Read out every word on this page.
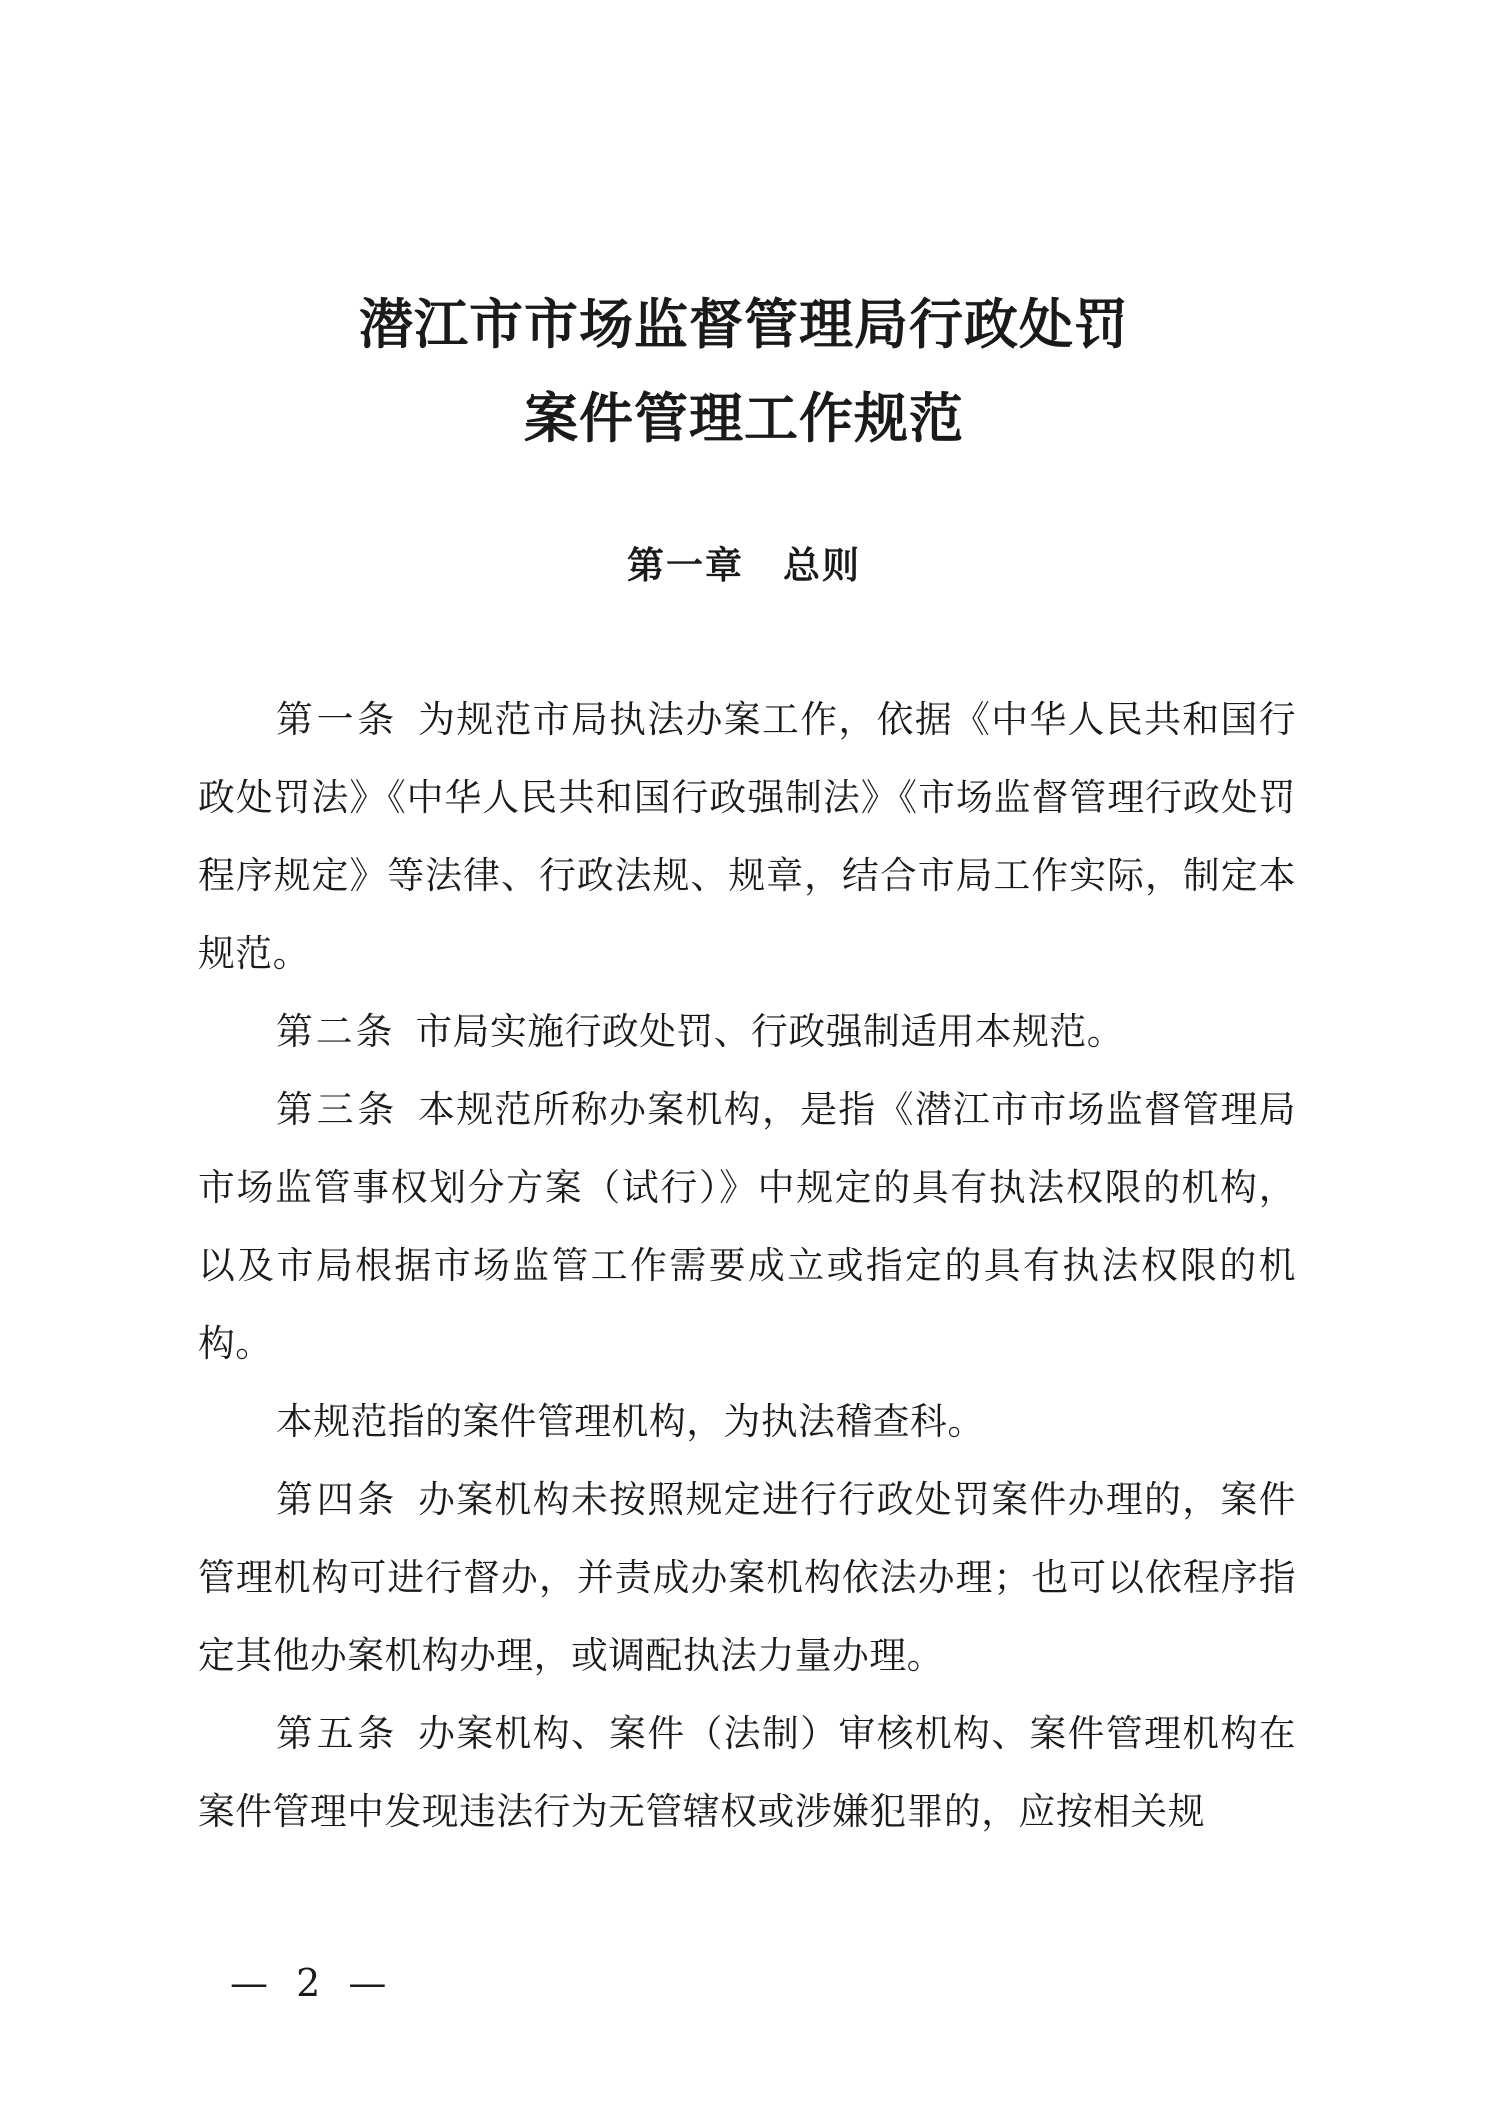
潜江市市场监督管理局行政处罚
案件管理工作规范
第一章　总则

第一条 为规范市局执法办案工作，依据《中华人民共和国行政处罚法》《中华人民共和国行政强制法》《市场监督管理行政处罚程序规定》等法律、行政法规、规章，结合市局工作实际，制定本规范。

第二条 市局实施行政处罚、行政强制适用本规范。

第三条 本规范所称办案机构，是指《潜江市市场监督管理局市场监管事权划分方案（试行）》中规定的具有执法权限的机构，以及市局根据市场监管工作需要成立或指定的具有执法权限的机构。

本规范指的案件管理机构，为执法稽查科。

第四条 办案机构未按照规定进行行政处罚案件办理的，案件管理机构可进行督办，并责成办案机构依法办理；也可以依程序指定其他办案机构办理，或调配执法力量办理。

第五条 办案机构、案件（法制）审核机构、案件管理机构在案件管理中发现违法行为无管辖权或涉嫌犯罪的，应按相关规

— 2 —
